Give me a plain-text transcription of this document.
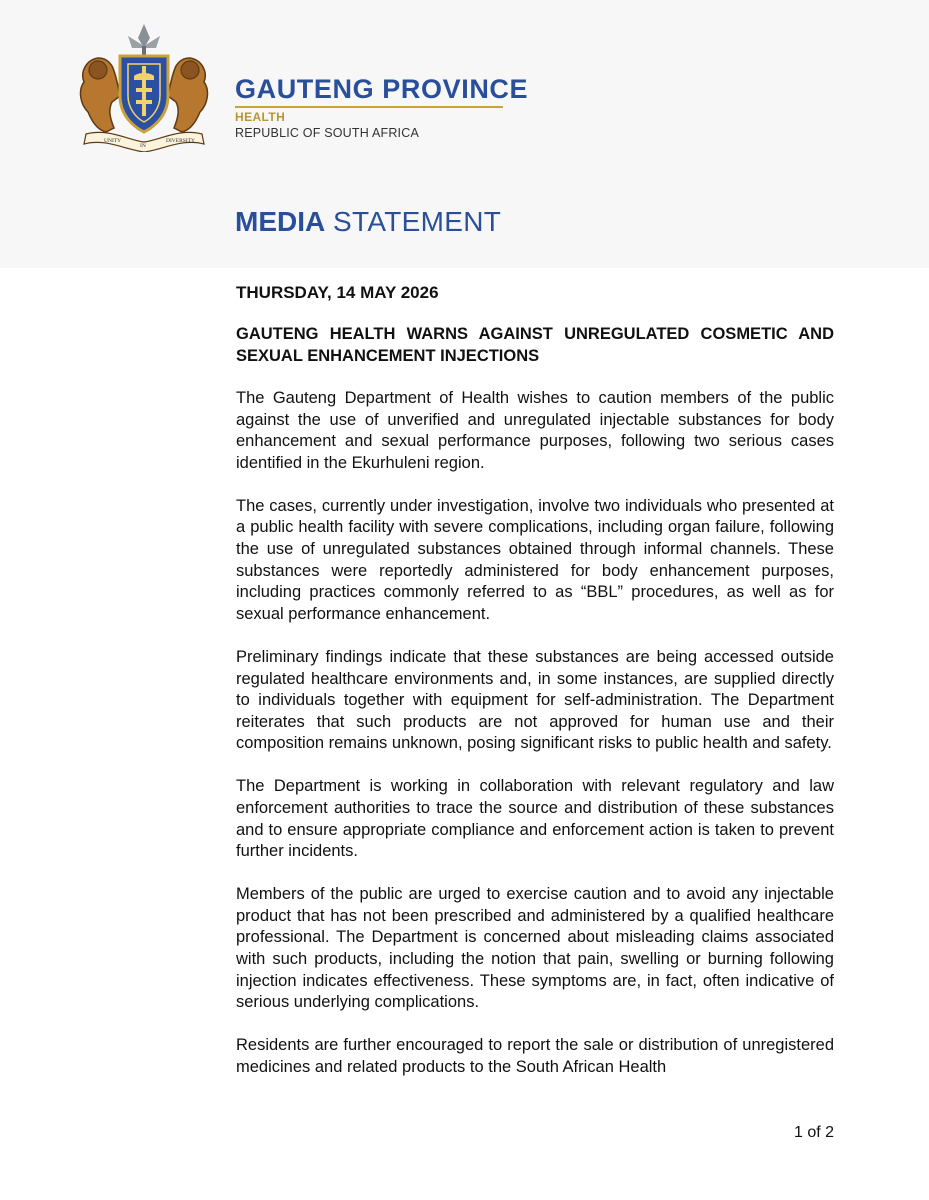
UNITY
IN
DIVERSITY
GAUTENG PROVINCE
HEALTH
REPUBLIC OF SOUTH AFRICA
MEDIA STATEMENT

THURSDAY, 14 MAY 2026

GAUTENG HEALTH WARNS AGAINST UNREGULATED COSMETIC AND SEXUAL ENHANCEMENT INJECTIONS

The Gauteng Department of Health wishes to caution members of the public against the use of unverified and unregulated injectable substances for body enhancement and sexual performance purposes, following two serious cases identified in the Ekurhuleni region.

The cases, currently under investigation, involve two individuals who presented at a public health facility with severe complications, including organ failure, following the use of unregulated substances obtained through informal channels. These substances were reportedly administered for body enhancement purposes, including practices commonly referred to as “BBL” procedures, as well as for sexual performance enhancement.

Preliminary findings indicate that these substances are being accessed outside regulated healthcare environments and, in some instances, are supplied directly to individuals together with equipment for self-administration. The Department reiterates that such products are not approved for human use and their composition remains unknown, posing significant risks to public health and safety.

The Department is working in collaboration with relevant regulatory and law enforcement authorities to trace the source and distribution of these substances and to ensure appropriate compliance and enforcement action is taken to prevent further incidents.

Members of the public are urged to exercise caution and to avoid any injectable product that has not been prescribed and administered by a qualified healthcare professional. The Department is concerned about misleading claims associated with such products, including the notion that pain, swelling or burning following injection indicates effectiveness. These symptoms are, in fact, often indicative of serious underlying complications.

Residents are further encouraged to report the sale or distribution of unregistered medicines and related products to the South African Health

1 of 2
